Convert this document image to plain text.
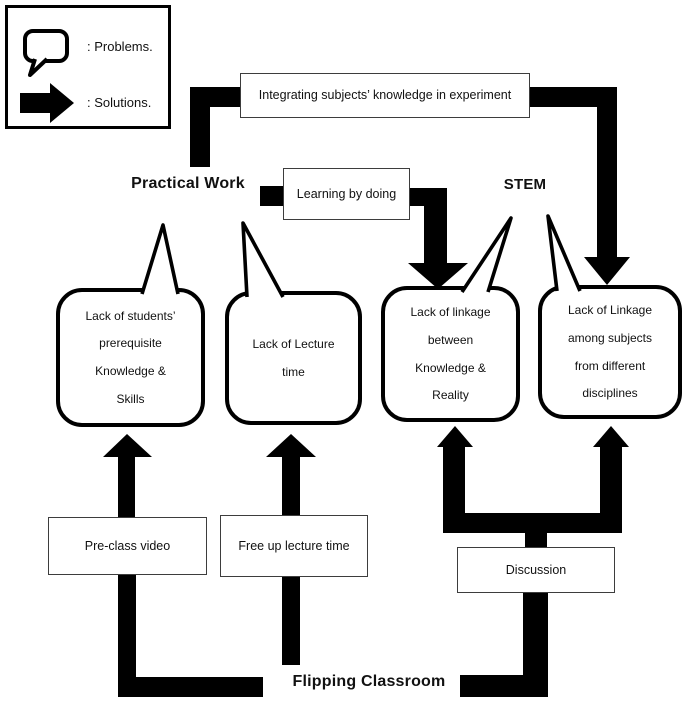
: Problems.
: Solutions.	Integrating subjects’ knowledge in experiment
Learning by doing
Pre-class video	Free up lecture time
Discussion
Practical Work	STEM
Flipping Classroom
Lack of students’
prerequisite
Knowledge &
Skills
Lack of Lecture
time
Lack of linkage
between
Knowledge &
Reality
Lack of Linkage
among subjects
from different
disciplines
